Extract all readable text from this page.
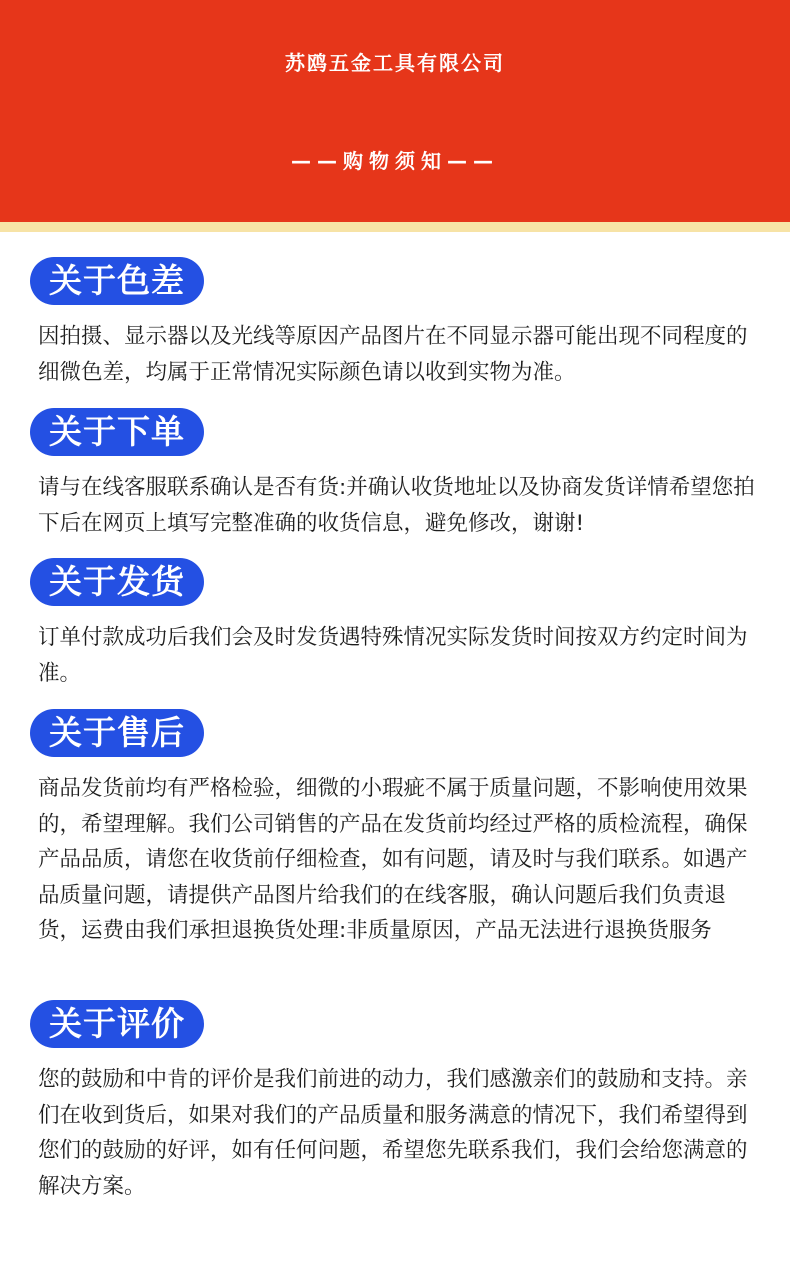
苏鸥五金工具有限公司
——购物须知——
关于色差

因拍摄、显示器以及光线等原因产品图片在不同显示器可能出现不同程度的细微色差，均属于正常情况实际颜色请以收到实物为准。

关于下单

请与在线客服联系确认是否有货:并确认收货地址以及协商发货详情希望您拍下后在网页上填写完整准确的收货信息，避免修改，谢谢!

关于发货

订单付款成功后我们会及时发货遇特殊情况实际发货时间按双方约定时间为准。

关于售后

商品发货前均有严格检验，细微的小瑕疵不属于质量问题，不影响使用效果的，希望理解。我们公司销售的产品在发货前均经过严格的质检流程，确保产品品质，请您在收货前仔细检查，如有问题，请及时与我们联系。如遇产品质量问题，请提供产品图片给我们的在线客服，确认问题后我们负责退货，运费由我们承担退换货处理:非质量原因，产品无法进行退换货服务

关于评价

您的鼓励和中肯的评价是我们前进的动力，我们感激亲们的鼓励和支持。亲们在收到货后，如果对我们的产品质量和服务满意的情况下，我们希望得到您们的鼓励的好评，如有任何问题，希望您先联系我们，我们会给您满意的解决方案。
